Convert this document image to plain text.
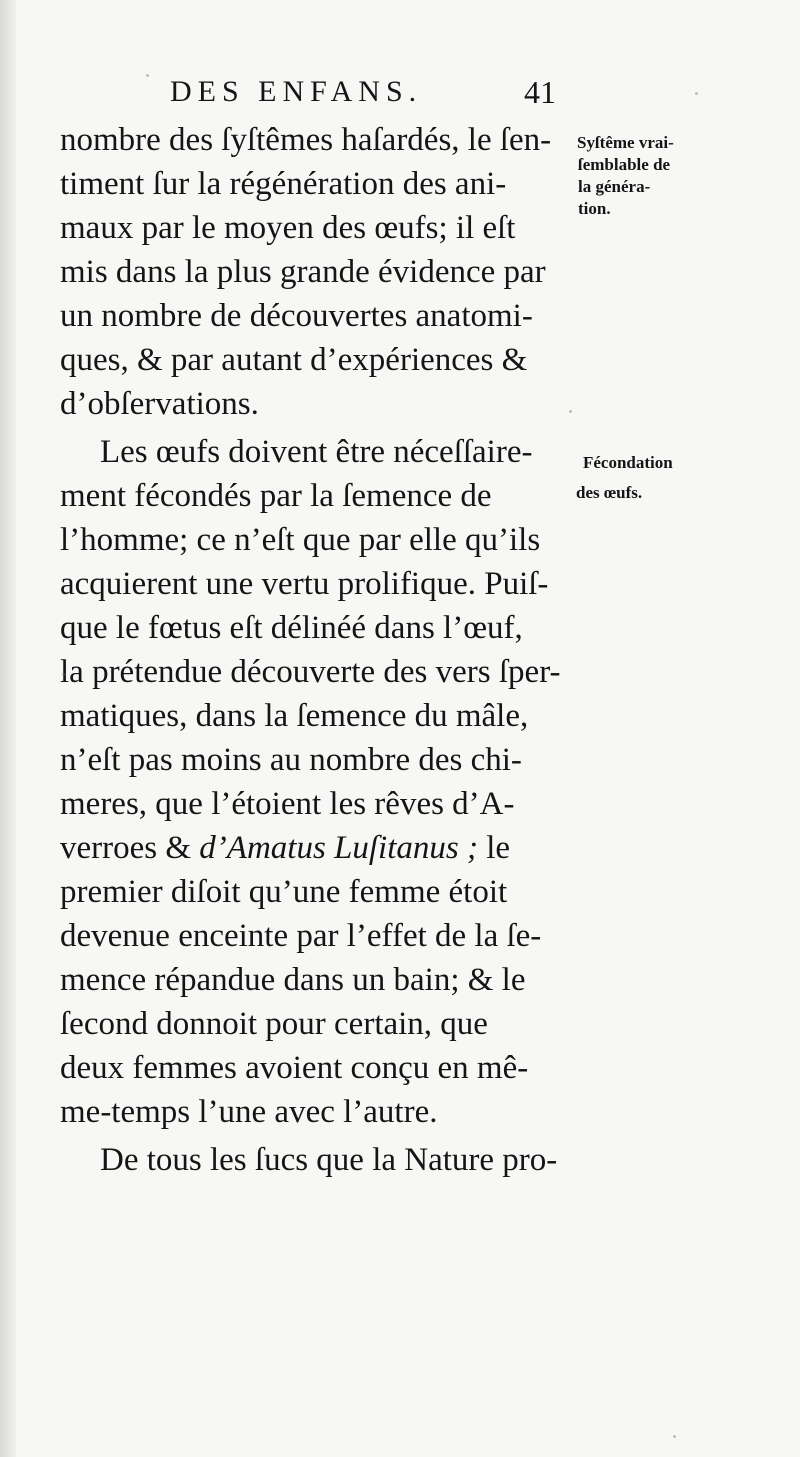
DES ENFANS.	41
nombre des ſyſtêmes haſardés, le ſen-
timent ſur la régénération des ani-
maux par le moyen des œufs; il eſt
mis dans la plus grande évidence par
un nombre de découvertes anatomi-
ques, & par autant d’expériences &
d’obſervations.
Les œufs doivent être néceſſaire-
ment fécondés par la ſemence de
l’homme; ce n’eſt que par elle qu’ils
acquierent une vertu prolifique. Puiſ-
que le fœtus eſt délinéé dans l’œuf,
la prétendue découverte des vers ſper-
matiques, dans la ſemence du mâle,
n’eſt pas moins au nombre des chi-
meres, que l’étoient les rêves d’A-
verroes & d’Amatus Luſitanus ; le
premier diſoit qu’une femme étoit
devenue enceinte par l’effet de la ſe-
mence répandue dans un bain; & le
ſecond donnoit pour certain, que
deux femmes avoient conçu en mê-
me-temps l’une avec l’autre.
De tous les ſucs que la Nature pro-
Syſtême vrai-
ſemblable de
la généra-
tion.
Fécondation
des œufs.
